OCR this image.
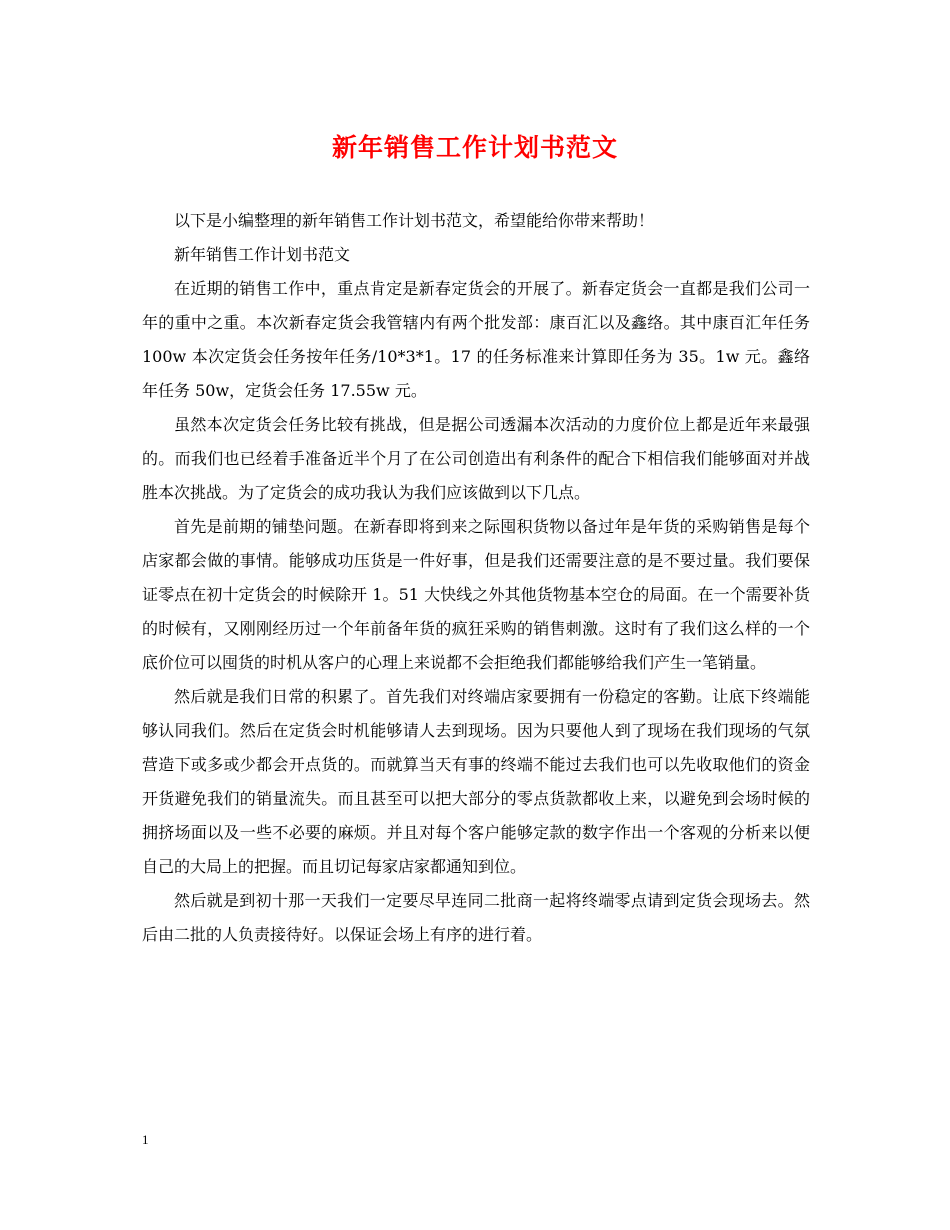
新年销售工作计划书范文

以下是小编整理的新年销售工作计划书范文，希望能给你带来帮助！

新年销售工作计划书范文

在近期的销售工作中，重点肯定是新春定货会的开展了。新春定货会一直都是我们公司一年的重中之重。本次新春定货会我管辖内有两个批发部：康百汇以及鑫络。其中康百汇年任务 100w 本次定货会任务按年任务/10*3*1。17 的任务标准来计算即任务为 35。1w 元。鑫络年任务 50w，定货会任务 17.55w 元。

虽然本次定货会任务比较有挑战，但是据公司透漏本次活动的力度价位上都是近年来最强的。而我们也已经着手准备近半个月了在公司创造出有利条件的配合下相信我们能够面对并战胜本次挑战。为了定货会的成功我认为我们应该做到以下几点。

首先是前期的铺垫问题。在新春即将到来之际囤积货物以备过年是年货的采购销售是每个店家都会做的事情。能够成功压货是一件好事，但是我们还需要注意的是不要过量。我们要保证零点在初十定货会的时候除开 1。51 大快线之外其他货物基本空仓的局面。在一个需要补货的时候有，又刚刚经历过一个年前备年货的疯狂采购的销售刺激。这时有了我们这么样的一个底价位可以囤货的时机从客户的心理上来说都不会拒绝我们都能够给我们产生一笔销量。

然后就是我们日常的积累了。首先我们对终端店家要拥有一份稳定的客勤。让底下终端能够认同我们。然后在定货会时机能够请人去到现场。因为只要他人到了现场在我们现场的气氛营造下或多或少都会开点货的。而就算当天有事的终端不能过去我们也可以先收取他们的资金开货避免我们的销量流失。而且甚至可以把大部分的零点货款都收上来，以避免到会场时候的拥挤场面以及一些不必要的麻烦。并且对每个客户能够定款的数字作出一个客观的分析来以便自己的大局上的把握。而且切记每家店家都通知到位。

然后就是到初十那一天我们一定要尽早连同二批商一起将终端零点请到定货会现场去。然后由二批的人负责接待好。以保证会场上有序的进行着。

1
